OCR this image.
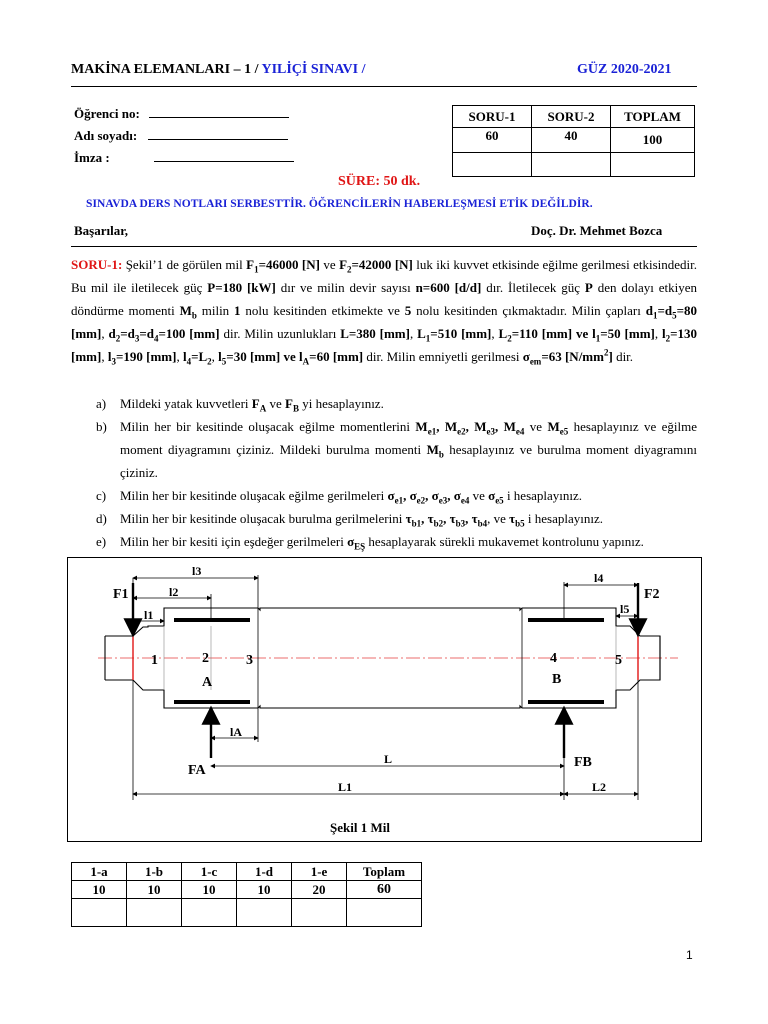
MAKİNA ELEMANLARI – 1 / YILİÇİ SINAVI /	GÜZ 2020-2021
Öğrenci no:
Adı soyadı:
İmza :
SORU-1	SORU-2	TOPLAM
60	40	100

SÜRE: 50 dk.
SINAVDA DERS NOTLARI SERBESTTİR. ÖĞRENCİLERİN HABERLEŞMESİ ETİK DEĞİLDİR.
Başarılar,	Doç. Dr. Mehmet Bozca
SORU-1: Şekil’1 de görülen mil $F_1=46000$ [N] ve $F_2=42000$ [N] luk iki kuvvet etkisinde eğilme gerilmesi etkisindedir. Bu mil ile iletilecek güç P=180 [kW] dır ve milin devir sayısı n=600 [d/d] dır. İletilecek güç P den dolayı etkiyen döndürme momenti $M_b$ milin 1 nolu kesitinden etkimekte ve 5 nolu kesitinden çıkmaktadır. Milin çapları $d_1=d_5=80$ [mm], $d_2=d_3=d_4=100$ [mm] dir. Milin uzunlukları L=380 [mm], $L_1=510$ [mm], $L_2=110$ [mm] ve $l_1=50$ [mm], $l_2=130$ [mm], $l_3=190$ [mm], $l_4=L_2$, $l_5=30$ [mm] ve $l_A=60$ [mm] dir. Milin emniyetli gerilmesi $\sigma_{em}=63$ $[N/mm^2]$ dir.
a) Mildeki yatak kuvvetleri $F_A$ ve $F_B$ yi hesaplayınız.
b) Milin her bir kesitinde oluşacak eğilme momentlerini $M_{e1}$, $M_{e2}$, $M_{e3}$, $M_{e4}$ ve $M_{e5}$ hesaplayınız ve eğilme moment diyagramını çiziniz. Mildeki burulma momenti $M_b$ hesaplayınız ve burulma moment diyagramını çiziniz.
c) Milin her bir kesitinde oluşacak eğilme gerilmeleri $\sigma_{e1}$, $\sigma_{e2}$, $\sigma_{e3}$, $\sigma_{e4}$ ve $\sigma_{e5}$ i hesaplayınız.
d) Milin her bir kesitinde oluşacak burulma gerilmelerini $\tau_{b1}$, $\tau_{b2}$, $\tau_{b3}$, $\tau_{b4}$, ve $\tau_{b5}$ i hesaplayınız.
e) Milin her bir kesiti için eşdeğer gerilmeleri $\sigma_{EŞ}$ hesaplayarak sürekli mukavemet kontrolunu yapınız.
F1	F2
FA
FB
A	B
1	2	3	4	5
l3
l2
l1
l4
l5
lA
L
L1	L2
Şekil 1 Mil
1-a	1-b	1-c	1-d	1-e	Toplam
10	10	10	10	20	60

1
